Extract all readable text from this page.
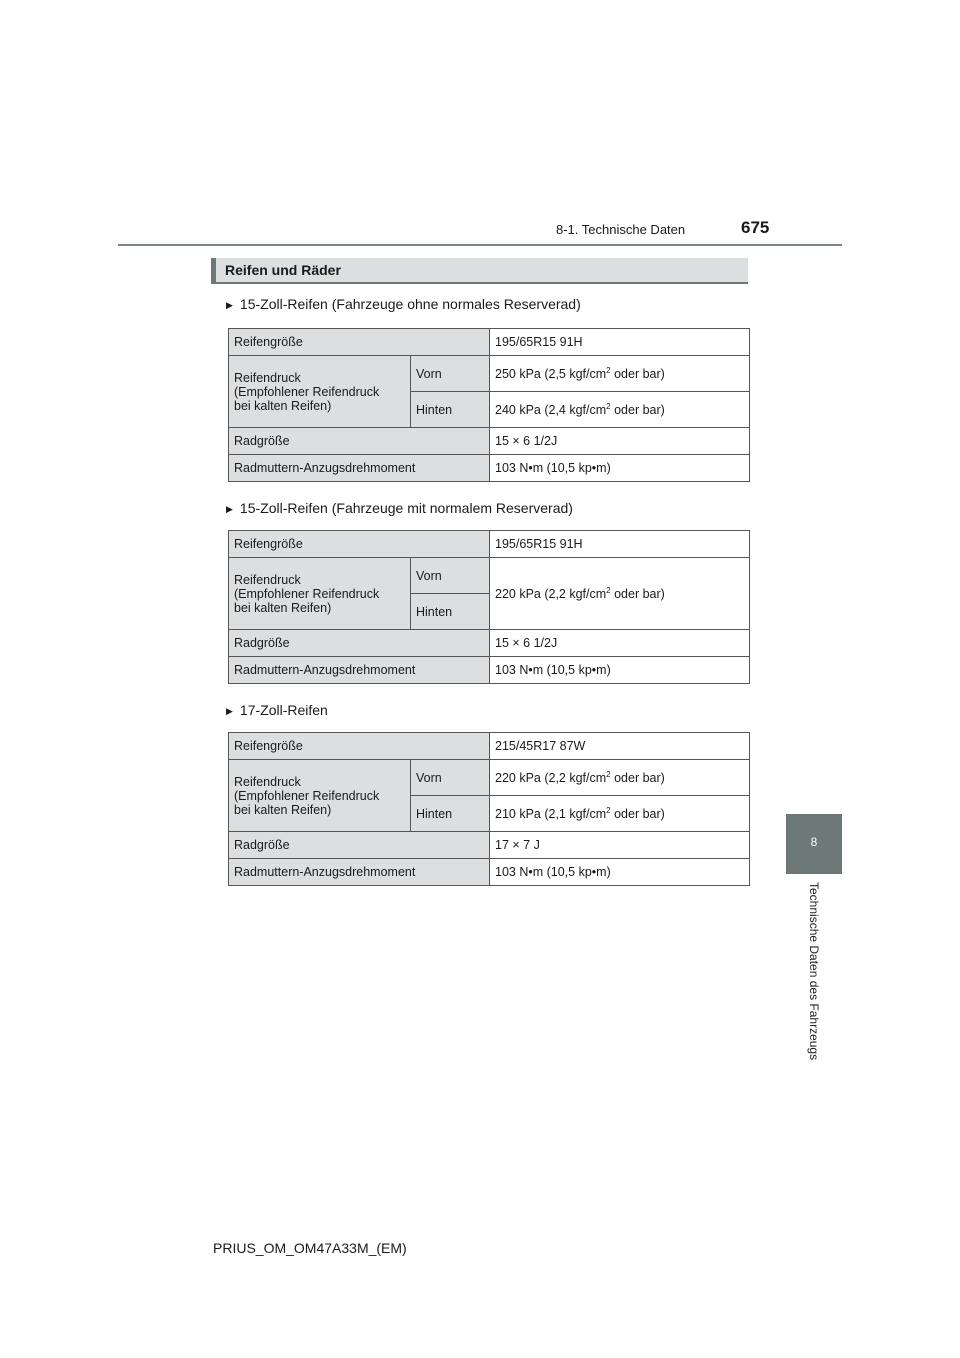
8-1. Technische Daten	675
Reifen und Räder
▶ 15-Zoll-Reifen (Fahrzeuge ohne normales Reserverad)
Reifengröße		195/65R15 91H
Reifendruck
(Empfohlener Reifendruck
bei kalten Reifen)	Vorn	250 kPa (2,5 kgf/$cm^2$ oder bar)
	Hinten	240 kPa (2,4 kgf/$cm^2$ oder bar)
Radgröße		15 × 6 1/2J
Radmuttern-Anzugsdrehmoment		103 N•m (10,5 kp•m)
▶ 15-Zoll-Reifen (Fahrzeuge mit normalem Reserverad)
Reifengröße		195/65R15 91H
Reifendruck
(Empfohlener Reifendruck
bei kalten Reifen)	Vorn	220 kPa (2,2 kgf/$cm^2$ oder bar)
	Hinten	
Radgröße		15 × 6 1/2J
Radmuttern-Anzugsdrehmoment		103 N•m (10,5 kp•m)
▶ 17-Zoll-Reifen
Reifengröße		215/45R17 87W
Reifendruck
(Empfohlener Reifendruck
bei kalten Reifen)	Vorn	220 kPa (2,2 kgf/$cm^2$ oder bar)
	Hinten	210 kPa (2,1 kgf/$cm^2$ oder bar)
Radgröße		17 × 7 J
Radmuttern-Anzugsdrehmoment		103 N•m (10,5 kp•m)
8
Technische Daten des Fahrzeugs
PRIUS_OM_OM47A33M_(EM)
